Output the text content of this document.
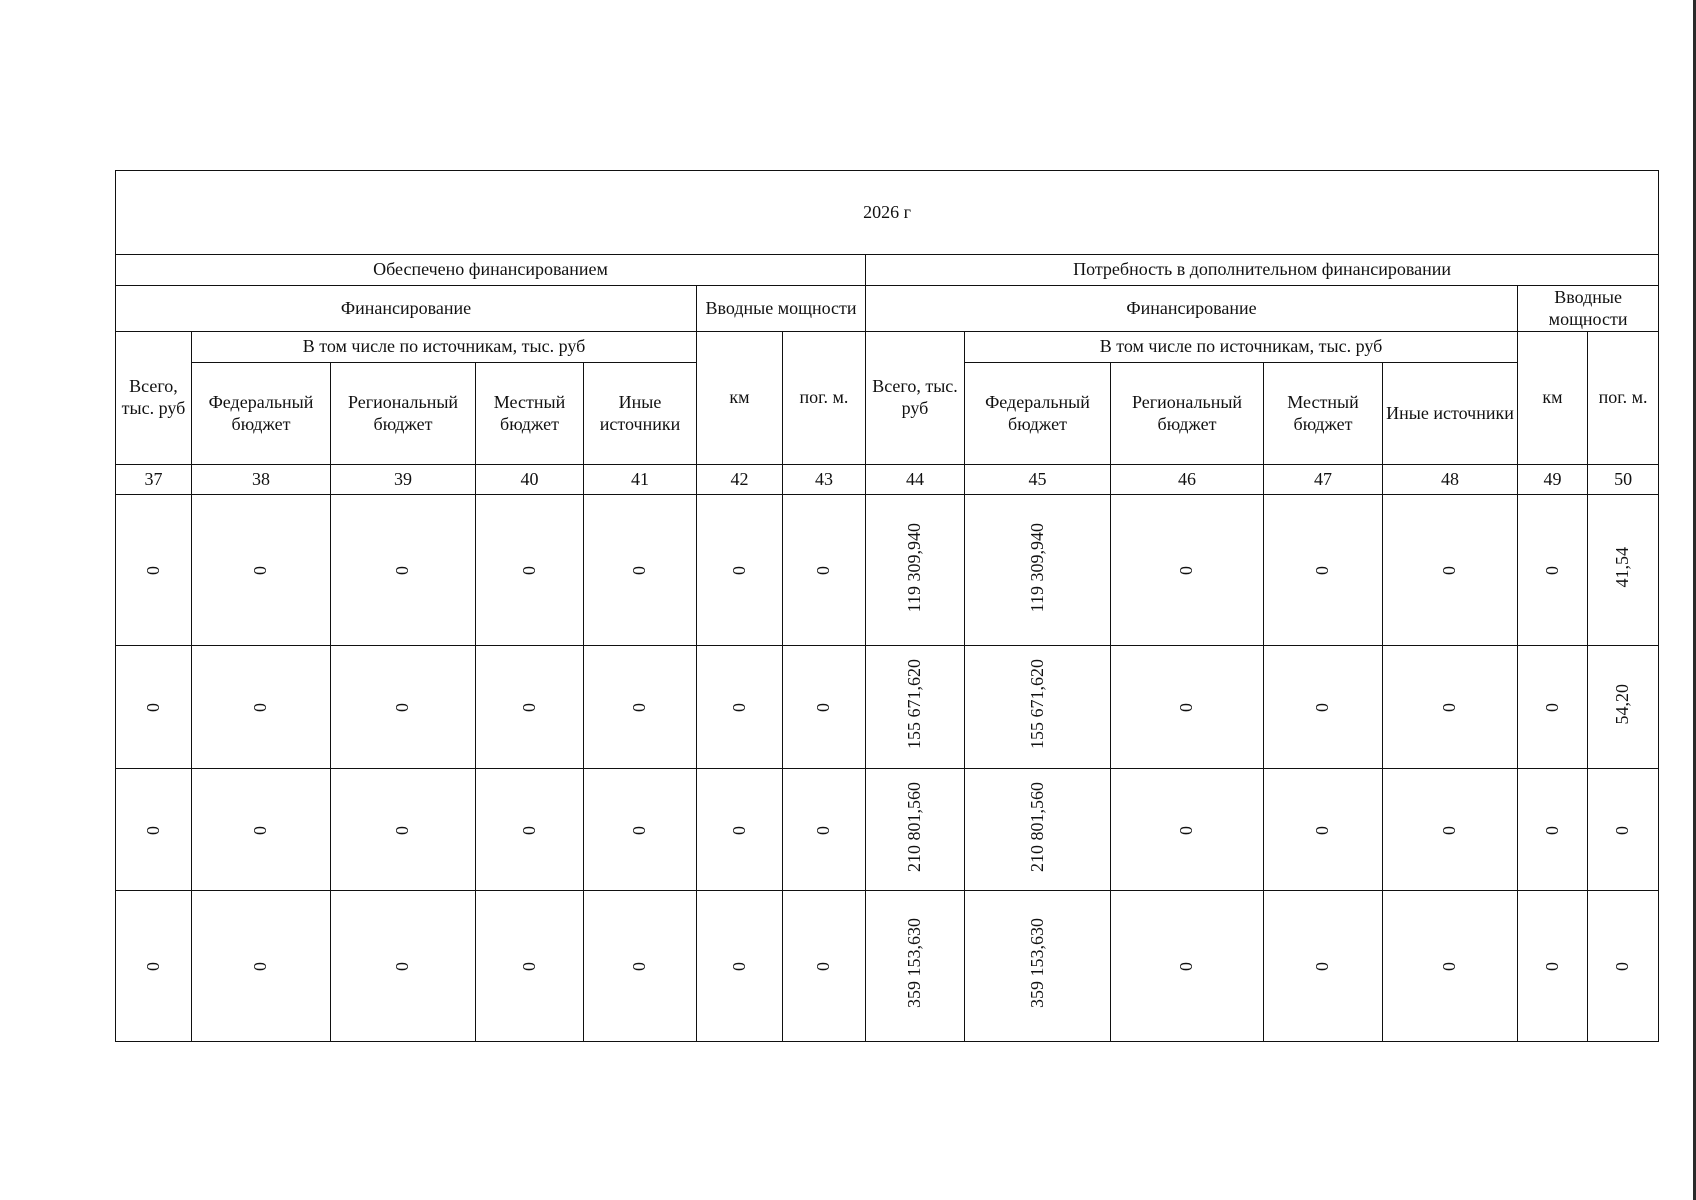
2026 г													
Обеспечено финансированием							Потребность в дополнительном финансировании						
Финансирование					Вводные мощности		Финансирование					Вводные мощности	
Всего, тыс. руб	В том числе по источникам, тыс. руб				км	пог. м.	Всего, тыс. руб	В том числе по источникам, тыс. руб				км	пог. м.
	Федеральный бюджет	Региональный бюджет	Местный бюджет	Иные источники				Федеральный бюджет	Региональный бюджет	Местный бюджет	Иные источники		
37	38	39	40	41	42	43	44	45	46	47	48	49	50
0	0	0	0	0	0	0	119 309,940	119 309,940	0	0	0	0	41,54
0	0	0	0	0	0	0	155 671,620	155 671,620	0	0	0	0	54,20
0	0	0	0	0	0	0	210 801,560	210 801,560	0	0	0	0	0
0	0	0	0	0	0	0	359 153,630	359 153,630	0	0	0	0	0
